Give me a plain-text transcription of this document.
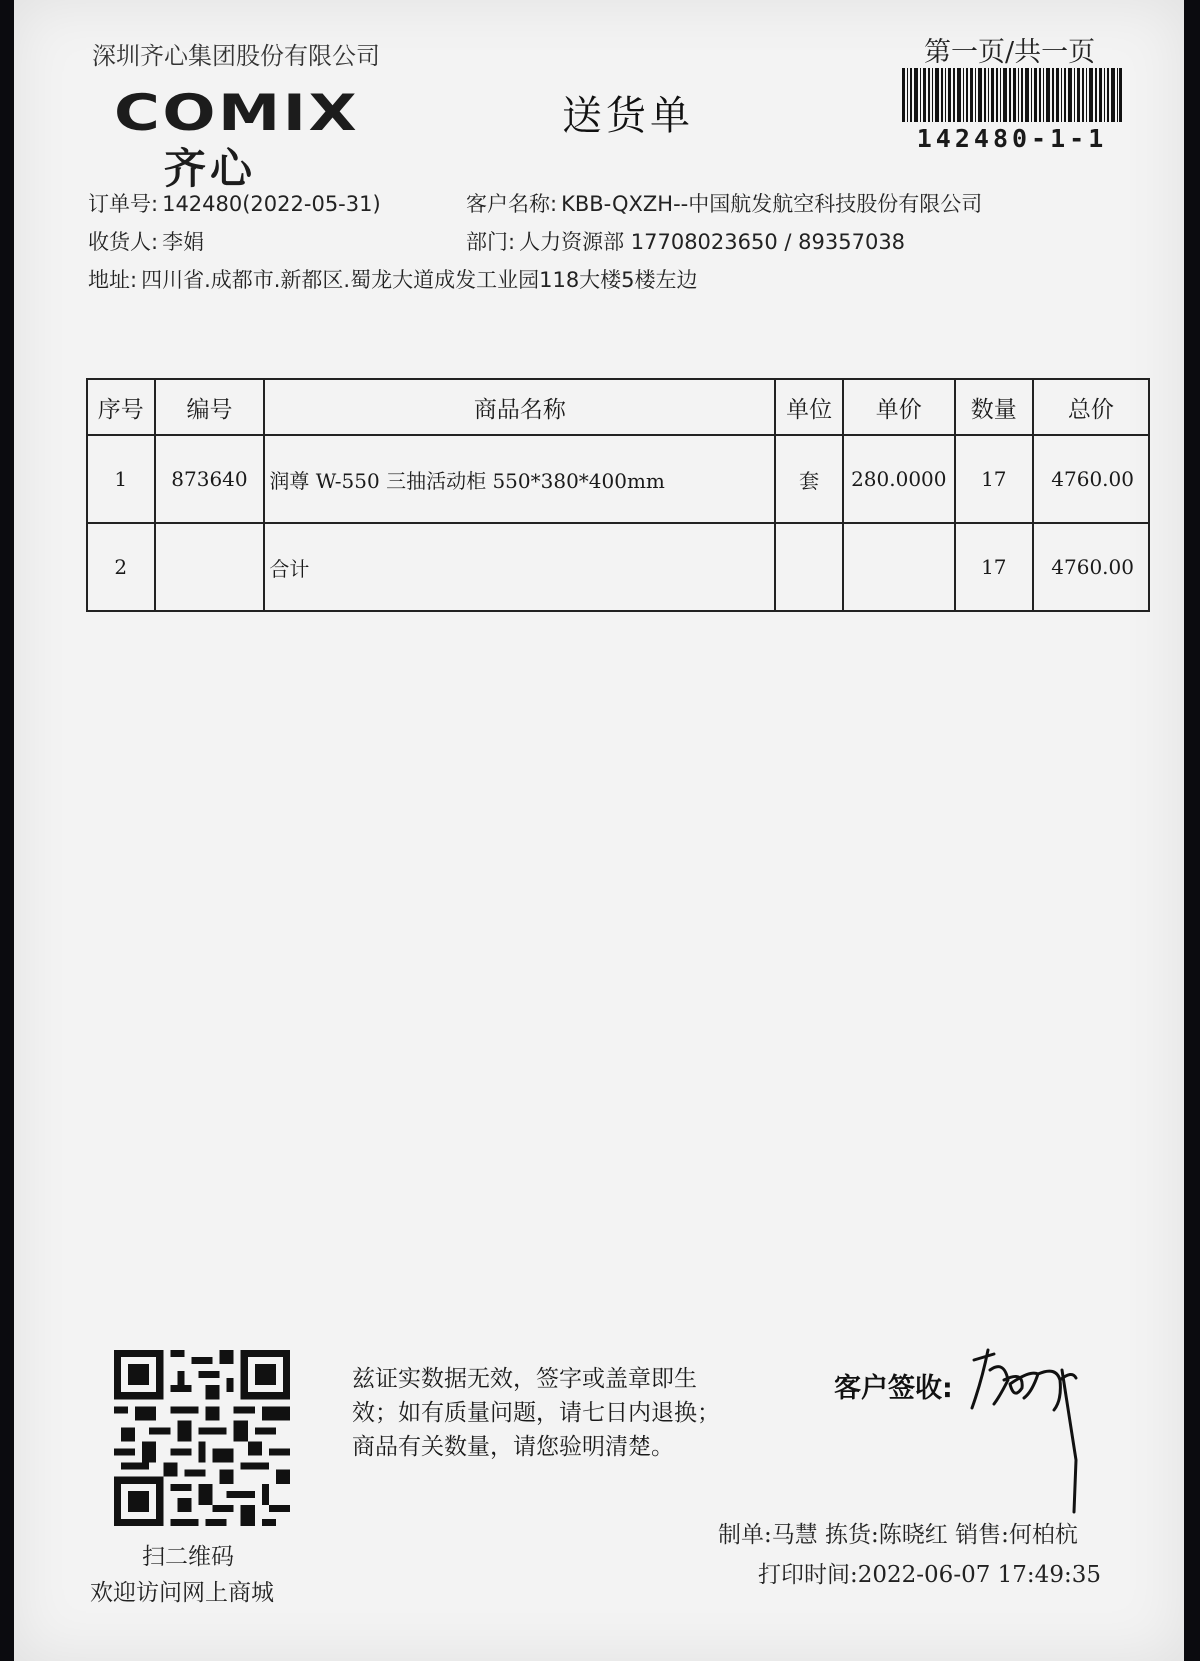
深圳齐心集团股份有限公司	第一页/共一页
142480-1-1
COMIX
齐心
送货单
订单号: 142480(2022-05-31)	客户名称: KBB-QXZH--中国航发航空科技股份有限公司
收货人: 李娟	部门: 人力资源部 17708023650 / 89357038
地址: 四川省.成都市.新都区.蜀龙大道成发工业园118大楼5楼左边
序号	编号	商品名称	单位	单价	数量	总价
1	873640	润尊 W-550 三抽活动柜 550*380*400mm	套	280.0000	17	4760.00
2		合计			17	4760.00
扫二维码
欢迎访问网上商城
兹证实数据无效，签字或盖章即生效；如有质量问题，请七日内退换；商品有关数量，请您验明清楚。
客户签收:
制单:马慧 拣货:陈晓红 销售:何柏杭
打印时间:2022-06-07 17:49:35
